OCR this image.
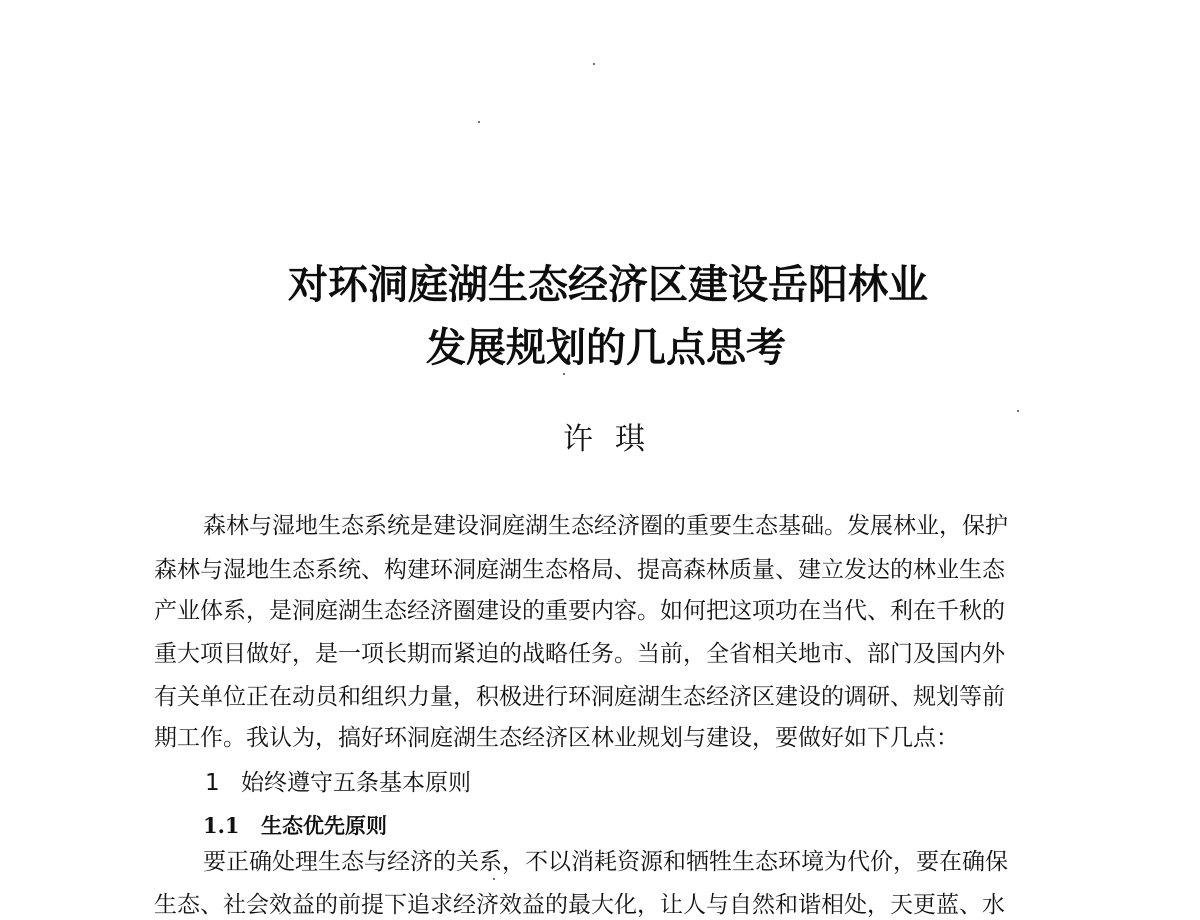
对环洞庭湖生态经济区建设岳阳林业
发展规划的几点思考
许琪
森林与湿地生态系统是建设洞庭湖生态经济圈的重要生态基础。发展林业，保护
森林与湿地生态系统、构建环洞庭湖生态格局、提高森林质量、建立发达的林业生态
产业体系，是洞庭湖生态经济圈建设的重要内容。如何把这项功在当代、利在千秋的
重大项目做好，是一项长期而紧迫的战略任务。当前，全省相关地市、部门及国内外
有关单位正在动员和组织力量，积极进行环洞庭湖生态经济区建设的调研、规划等前
期工作。我认为，搞好环洞庭湖生态经济区林业规划与建设，要做好如下几点：
1 始终遵守五条基本原则
1.1 生态优先原则
要正确处理生态与经济的关系，不以消耗资源和牺牲生态环境为代价，要在确保
生态、社会效益的前提下追求经济效益的最大化，让人与自然和谐相处，天更蓝、水
